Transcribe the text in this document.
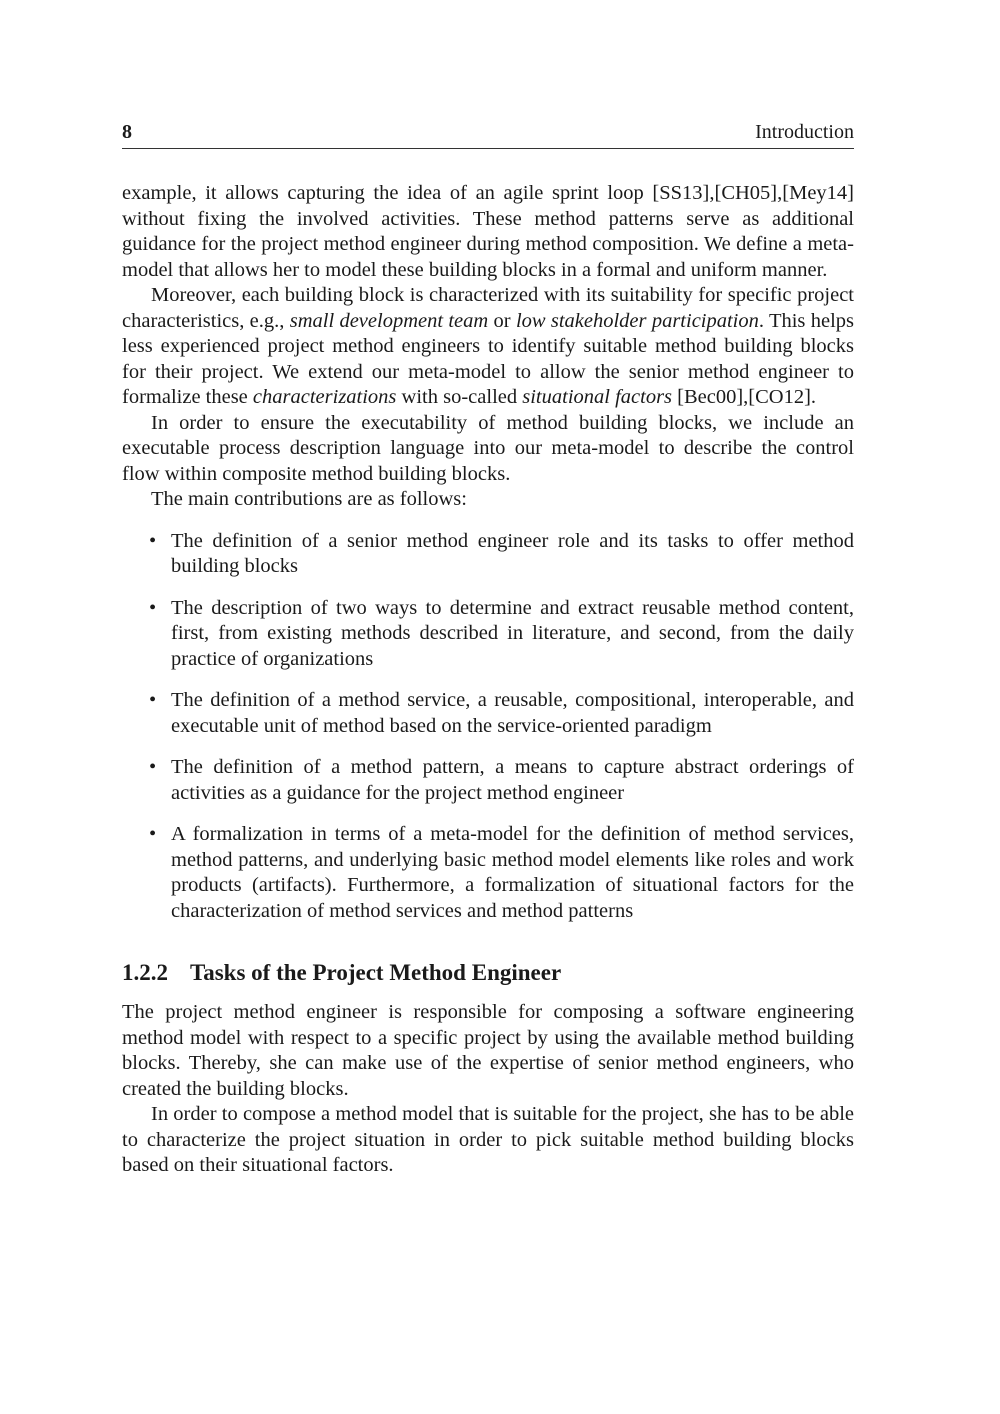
8	Introduction

example, it allows capturing the idea of an agile sprint loop [SS13],[CH05],[Mey14] without fixing the involved activities. These method patterns serve as additional guidance for the project method engineer during method composition. We define a meta-model that allows her to model these building blocks in a formal and uniform manner.

Moreover, each building block is characterized with its suitability for specific project characteristics, e.g., small development team or low stakeholder participation. This helps less experienced project method engineers to identify suitable method building blocks for their project. We extend our meta-model to allow the senior method engineer to formalize these characterizations with so-called situational factors [Bec00],[CO12].

In order to ensure the executability of method building blocks, we include an executable process description language into our meta-model to describe the control flow within composite method building blocks.

The main contributions are as follows:

• The definition of a senior method engineer role and its tasks to offer method building blocks
• The description of two ways to determine and extract reusable method content, first, from existing methods described in literature, and second, from the daily practice of organizations
• The definition of a method service, a reusable, compositional, interoperable, and executable unit of method based on the service-oriented paradigm
• The definition of a method pattern, a means to capture abstract orderings of activities as a guidance for the project method engineer
• A formalization in terms of a meta-model for the definition of method services, method patterns, and underlying basic method model elements like roles and work products (artifacts). Furthermore, a formalization of situational factors for the characterization of method services and method patterns
1.2.2 Tasks of the Project Method Engineer

The project method engineer is responsible for composing a software engineering method model with respect to a specific project by using the available method building blocks. Thereby, she can make use of the expertise of senior method engineers, who created the building blocks.

In order to compose a method model that is suitable for the project, she has to be able to characterize the project situation in order to pick suitable method building blocks based on their situational factors.
